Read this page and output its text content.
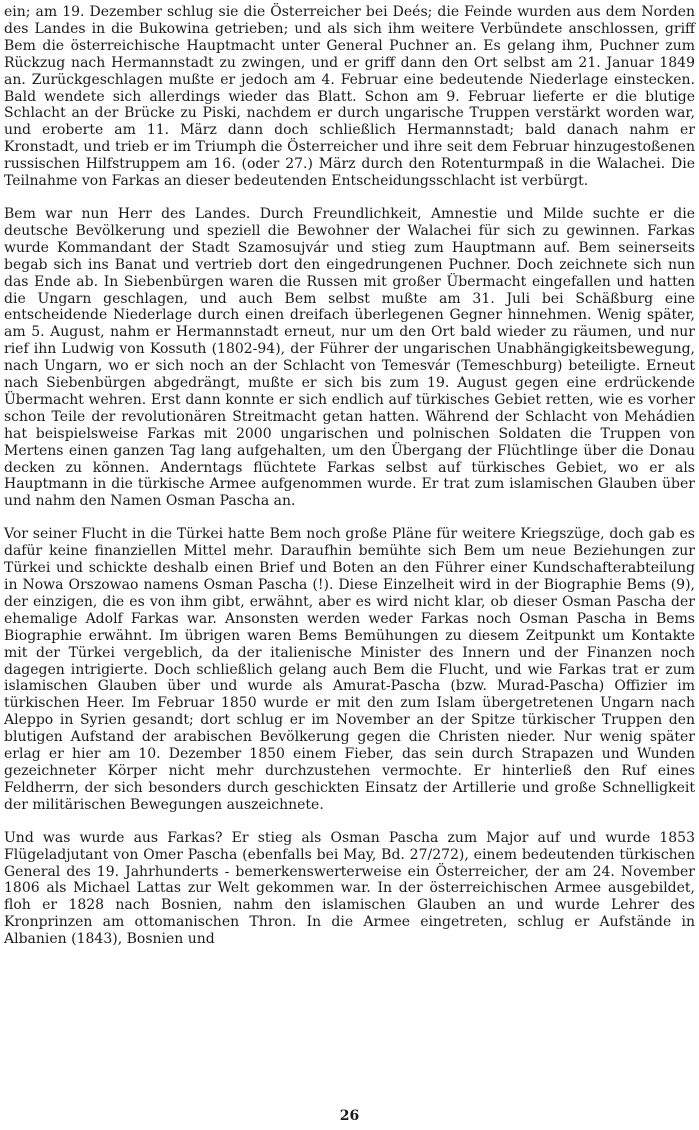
ein; am 19. Dezember schlug sie die Österreicher bei Deés; die Feinde wurden aus dem Norden des Landes in die Bukowina getrieben; und als sich ihm weitere Verbündete anschlossen, griff Bem die österreichische Hauptmacht unter General Puchner an. Es gelang ihm, Puchner zum Rückzug nach Hermannstadt zu zwingen, und er griff dann den Ort selbst am 21. Januar 1849 an. Zurückgeschlagen mußte er jedoch am 4. Februar eine bedeutende Niederlage einstecken. Bald wendete sich allerdings wieder das Blatt. Schon am 9. Februar lieferte er die blutige Schlacht an der Brücke zu Piski, nachdem er durch ungarische Truppen verstärkt worden war, und eroberte am 11. März dann doch schließlich Hermannstadt; bald danach nahm er Kronstadt, und trieb er im Triumph die Österreicher und ihre seit dem Februar hinzugestoßenen russischen Hilfstruppem am 16. (oder 27.) März durch den Rotenturmpaß in die Walachei. Die Teilnahme von Farkas an dieser bedeutenden Entscheidungsschlacht ist verbürgt.

Bem war nun Herr des Landes. Durch Freundlichkeit, Amnestie und Milde suchte er die deutsche Bevölkerung und speziell die Bewohner der Walachei für sich zu gewinnen. Farkas wurde Kommandant der Stadt Szamosujvár und stieg zum Hauptmann auf. Bem seinerseits begab sich ins Banat und vertrieb dort den eingedrungenen Puchner. Doch zeichnete sich nun das Ende ab. In Siebenbürgen waren die Russen mit großer Übermacht eingefallen und hatten die Ungarn geschlagen, und auch Bem selbst mußte am 31. Juli bei Schäßburg eine entscheidende Niederlage durch einen dreifach überlegenen Gegner hinnehmen. Wenig später, am 5. August, nahm er Hermannstadt erneut, nur um den Ort bald wieder zu räumen, und nur rief ihn Ludwig von Kossuth (1802-94), der Führer der ungarischen Unabhängigkeitsbewegung, nach Ungarn, wo er sich noch an der Schlacht von Temesvár (Temeschburg) beteiligte. Erneut nach Siebenbürgen abgedrängt, mußte er sich bis zum 19. August gegen eine erdrückende Übermacht wehren. Erst dann konnte er sich endlich auf türkisches Gebiet retten, wie es vorher schon Teile der revolutionären Streitmacht getan hatten. Während der Schlacht von Mehádien hat beispielsweise Farkas mit 2000 ungarischen und polnischen Soldaten die Truppen von Mertens einen ganzen Tag lang aufgehalten, um den Übergang der Flüchtlinge über die Donau decken zu können. Anderntags flüchtete Farkas selbst auf türkisches Gebiet, wo er als Hauptmann in die türkische Armee aufgenommen wurde. Er trat zum islamischen Glauben über und nahm den Namen Osman Pascha an.

Vor seiner Flucht in die Türkei hatte Bem noch große Pläne für weitere Kriegszüge, doch gab es dafür keine finanziellen Mittel mehr. Daraufhin bemühte sich Bem um neue Beziehungen zur Türkei und schickte deshalb einen Brief und Boten an den Führer einer Kundschafterabteilung in Nowa Orszowao namens Osman Pascha (!). Diese Einzelheit wird in der Biographie Bems (9), der einzigen, die es von ihm gibt, erwähnt, aber es wird nicht klar, ob dieser Osman Pascha der ehemalige Adolf Farkas war. Ansonsten werden weder Farkas noch Osman Pascha in Bems Biographie erwähnt. Im übrigen waren Bems Bemühungen zu diesem Zeitpunkt um Kontakte mit der Türkei vergeblich, da der italienische Minister des Innern und der Finanzen noch dagegen intrigierte. Doch schließlich gelang auch Bem die Flucht, und wie Farkas trat er zum islamischen Glauben über und wurde als Amurat-Pascha (bzw. Murad-Pascha) Offizier im türkischen Heer. Im Februar 1850 wurde er mit den zum Islam übergetretenen Ungarn nach Aleppo in Syrien gesandt; dort schlug er im November an der Spitze türkischer Truppen den blutigen Aufstand der arabischen Bevölkerung gegen die Christen nieder. Nur wenig später erlag er hier am 10. Dezember 1850 einem Fieber, das sein durch Strapazen und Wunden gezeichneter Körper nicht mehr durchzustehen vermochte. Er hinterließ den Ruf eines Feldherrn, der sich besonders durch geschickten Einsatz der Artillerie und große Schnelligkeit der militärischen Bewegungen auszeichnete.

Und was wurde aus Farkas? Er stieg als Osman Pascha zum Major auf und wurde 1853 Flügeladjutant von Omer Pascha (ebenfalls bei May, Bd. 27/272), einem bedeutenden türkischen General des 19. Jahrhunderts - bemerkenswerterweise ein Österreicher, der am 24. November 1806 als Michael Lattas zur Welt gekommen war. In der österreichischen Armee ausgebildet, floh er 1828 nach Bosnien, nahm den islamischen Glauben an und wurde Lehrer des Kronprinzen am ottomanischen Thron. In die Armee eingetreten, schlug er Aufstände in Albanien (1843), Bosnien und

26
